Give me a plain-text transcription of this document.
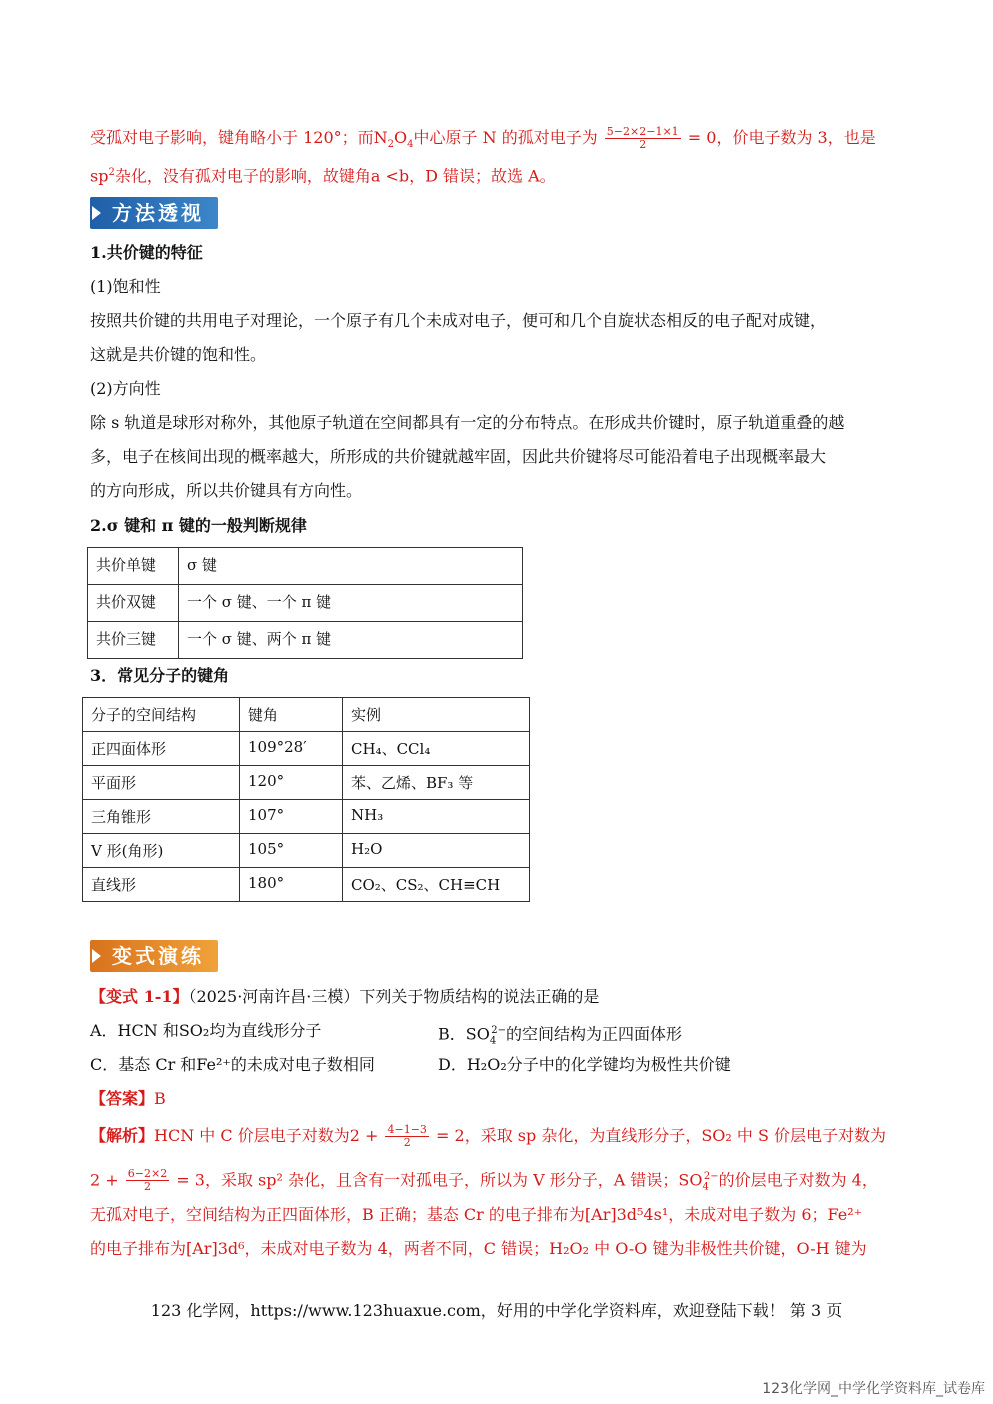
受孤对电子影响，键角略小于 120°；而$N_2O_4$中心原子 N 的孤对电子为 $\frac{5-2\times 2-1\times 1}{2} = 0$，价电子数为 3，也是
$sp^2$杂化，没有孤对电子的影响，故键角a <b，D 错误；故选 A。
方法透视
1.共价键的特征
(1)饱和性
按照共价键的共用电子对理论，一个原子有几个未成对电子，便可和几个自旋状态相反的电子配对成键，
这就是共价键的饱和性。
(2)方向性
除 s 轨道是球形对称外，其他原子轨道在空间都具有一定的分布特点。在形成共价键时，原子轨道重叠的越
多，电子在核间出现的概率越大，所形成的共价键就越牢固，因此共价键将尽可能沿着电子出现概率最大
的方向形成，所以共价键具有方向性。
2.σ 键和 π 键的一般判断规律
共价单键	σ 键
共价双键	一个 σ 键、一个 π 键
共价三键	一个 σ 键、两个 π 键
3．常见分子的键角
分子的空间结构	键角	实例
正四面体形	109°28′	CH₄、CCl₄
平面形	120°	苯、乙烯、BF₃ 等
三角锥形	107°	NH₃
V 形(角形)	105°	H₂O
直线形	180°	CO₂、CS₂、CH≡CH
变式演练
【变式 1-1】（2025·河南许昌·三模）下列关于物质结构的说法正确的是
A．HCN 和SO₂均为直线形分子	B．$SO_4^{2-}$的空间结构为正四面体形
C．基态 Cr 和Fe²⁺的未成对电子数相同	D．H₂O₂分子中的化学键均为极性共价键
【答案】B
【解析】HCN 中 C 价层电子对数为$2 + \frac{4-1-3}{2} = 2$，采取 sp 杂化，为直线形分子，SO₂ 中 S 价层电子对数为
$2 + \frac{6-2\times 2}{2} = 3$，采取 sp² 杂化，且含有一对孤电子，所以为 V 形分子，A 错误；$SO_4^{2-}$的价层电子对数为 4，
无孤对电子，空间结构为正四面体形，B 正确；基态 Cr 的电子排布为[Ar]3d⁵4s¹，未成对电子数为 6；Fe²⁺
的电子排布为[Ar]3d⁶，未成对电子数为 4，两者不同，C 错误；H₂O₂ 中 O-O 键为非极性共价键，O-H 键为
123 化学网，https://www.123huaxue.com，好用的中学化学资料库，欢迎登陆下载！ 第 3 页
123化学网_中学化学资料库_试卷库
